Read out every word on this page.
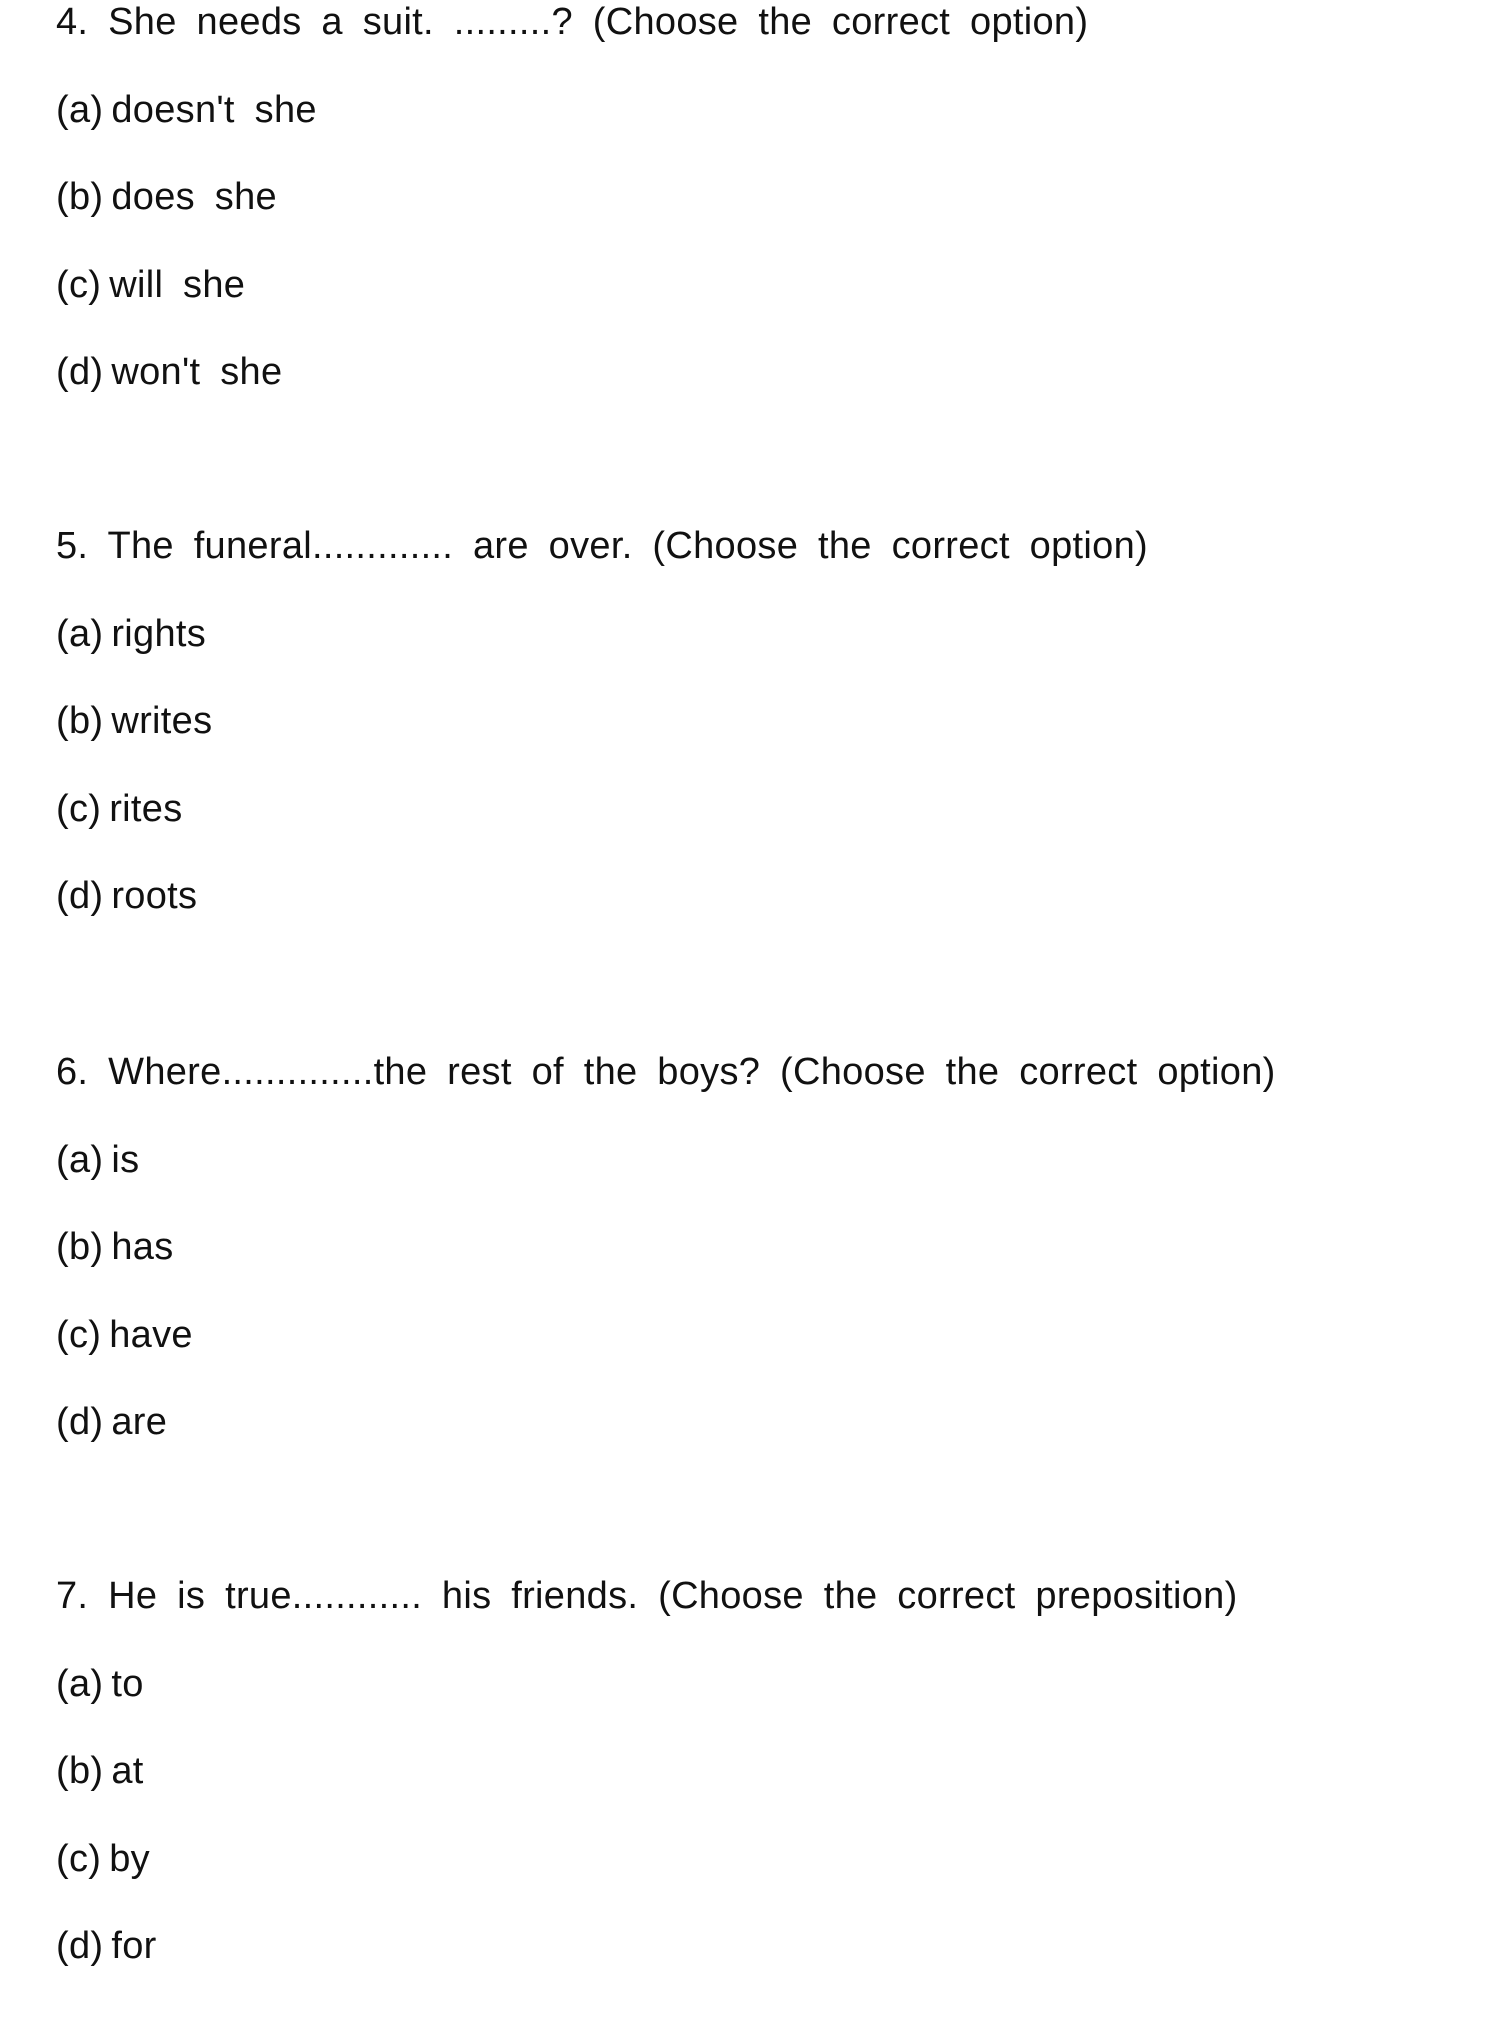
4. She needs a suit. .........? (Choose the correct option)
(a) doesn't she
(b) does she
(c) will she
(d) won't she
5. The funeral............. are over. (Choose the correct option)
(a) rights
(b) writes
(c) rites
(d) roots
6. Where..............the rest of the boys? (Choose the correct option)
(a) is
(b) has
(c) have
(d) are
7. He is true............ his friends. (Choose the correct preposition)
(a) to
(b) at
(c) by
(d) for
